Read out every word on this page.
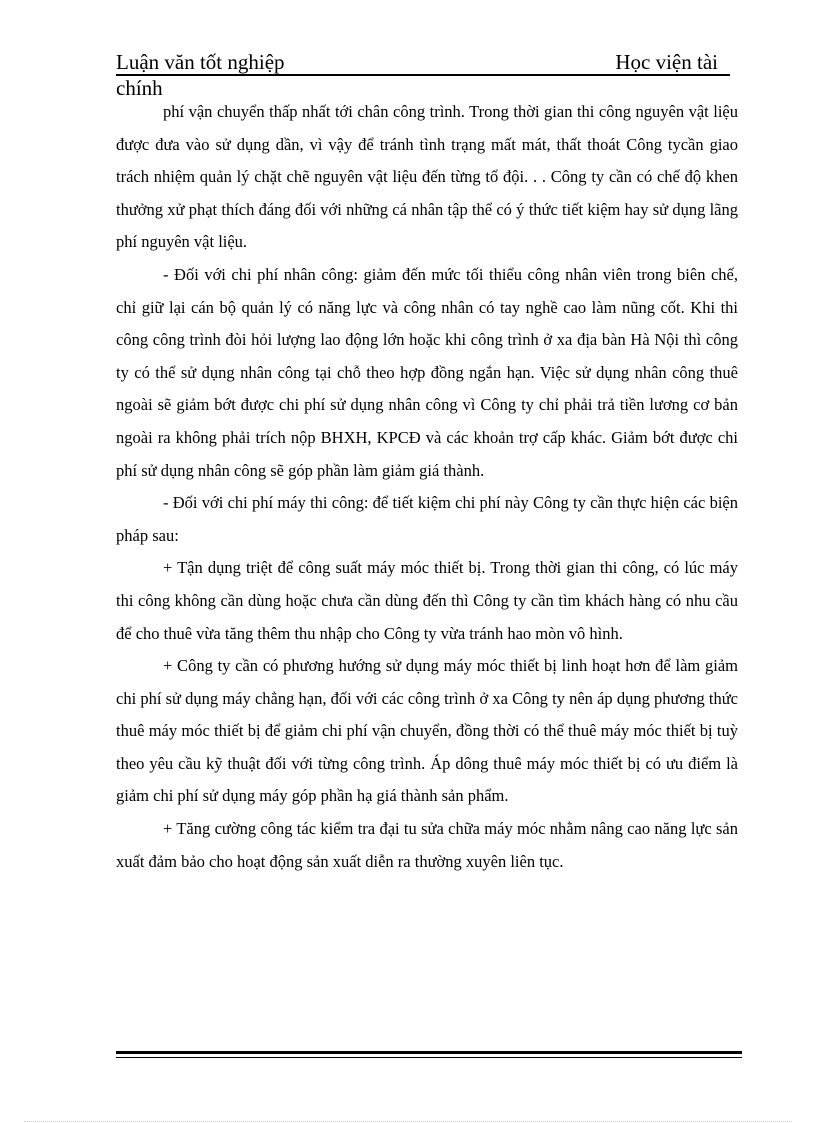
Luận văn tốt nghiệp	Học viện tài
chính

phí vận chuyển thấp nhất tới chân công trình. Trong thời gian thi công nguyên vật liệu được đưa vào sử dụng dần, vì vậy để tránh tình trạng mất mát, thất thoát Công tycần giao trách nhiệm quản lý chặt chẽ nguyên vật liệu đến từng tổ đội. . . Công ty cần có chế độ khen thưởng xử phạt thích đáng đối với những cá nhân tập thể có ý thức tiết kiệm hay sử dụng lãng phí nguyên vật liệu.

- Đối với chi phí nhân công: giảm đến mức tối thiểu công nhân viên trong biên chế, chỉ giữ lại cán bộ quản lý có năng lực và công nhân có tay nghề cao làm nũng cốt. Khi thi công công trình đòi hỏi lượng lao động lớn hoặc khi công trình ở xa địa bàn Hà Nội thì công ty có thể sử dụng nhân công tại chỗ theo hợp đồng ngắn hạn. Việc sử dụng nhân công thuê ngoài sẽ giảm bớt được chi phí sử dụng nhân công vì Công ty chỉ phải trả tiền lương cơ bản ngoài ra không phải trích nộp BHXH, KPCĐ và các khoản trợ cấp khác. Giảm bớt được chi phí sử dụng nhân công sẽ góp phần làm giảm giá thành.

- Đối với chi phí máy thi công: để tiết kiệm chi phí này Công ty cần thực hiện các biện pháp sau:

+ Tận dụng triệt để công suất máy móc thiết bị. Trong thời gian thi công, có lúc máy thi công không cần dùng hoặc chưa cần dùng đến thì Công ty cần tìm khách hàng có nhu cầu để cho thuê vừa tăng thêm thu nhập cho Công ty vừa tránh hao mòn vô hình.

+ Công ty cần có phương hướng sử dụng máy móc thiết bị linh hoạt hơn để làm giảm chi phí sử dụng máy chẳng hạn, đối với các công trình ở xa Công ty nên áp dụng phương thức thuê máy móc thiết bị để giảm chi phí vận chuyển, đồng thời có thể thuê máy móc thiết bị tuỳ theo yêu cầu kỹ thuật đối với từng công trình. Áp dông thuê máy móc thiết bị có ưu điểm là giảm chi phí sử dụng máy góp phần hạ giá thành sản phẩm.

+ Tăng cường công tác kiểm tra đại tu sửa chữa máy móc nhằm nâng cao năng lực sản xuất đảm bảo cho hoạt động sản xuất diễn ra thường xuyên liên tục.
